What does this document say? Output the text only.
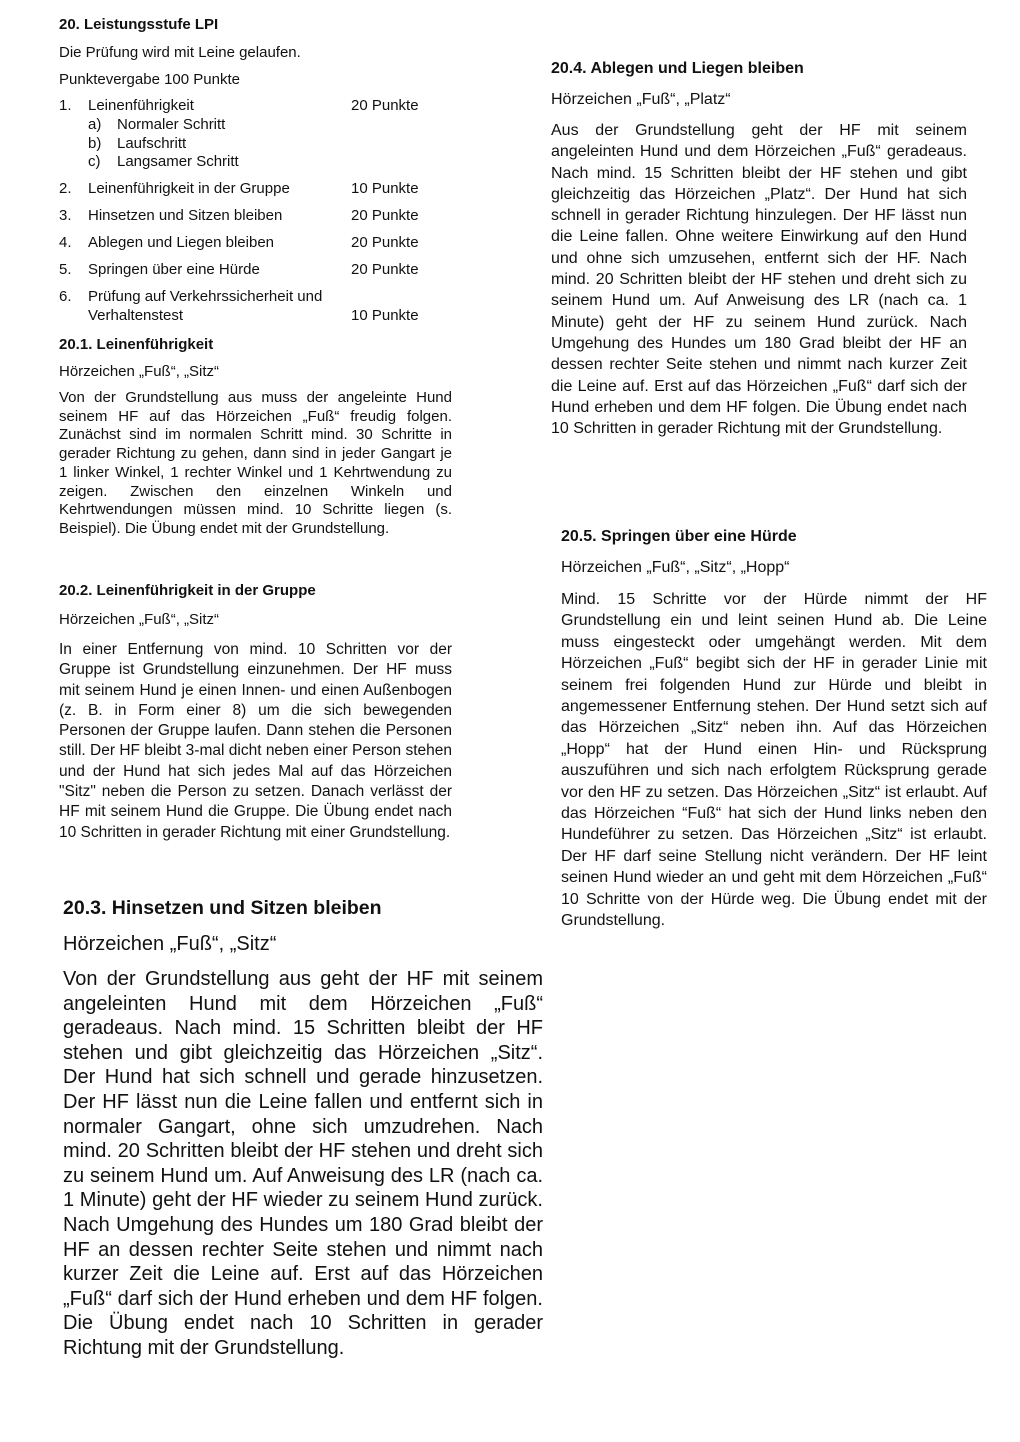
20. Leistungsstufe LPI

Die Prüfung wird mit Leine gelaufen.

Punktevergabe 100 Punkte

1. Leinenführigkeit	20 Punkte
a) Normaler Schritt
b) Laufschritt
c) Langsamer Schritt
2. Leinenführigkeit in der Gruppe	10 Punkte
3. Hinsetzen und Sitzen bleiben	20 Punkte
4. Ablegen und Liegen bleiben	20 Punkte
5. Springen über eine Hürde	20 Punkte
6. Prüfung auf Verkehrssicherheit und Verhaltenstest	10 Punkte
20.1. Leinenführigkeit
Hörzeichen „Fuß“, „Sitz“
Von der Grundstellung aus muss der angeleinte Hund seinem HF auf das Hörzeichen „Fuß“ freudig folgen. Zunächst sind im normalen Schritt mind. 30 Schritte in gerader Richtung zu gehen, dann sind in jeder Gangart je 1 linker Winkel, 1 rechter Winkel und 1 Kehrtwendung zu zeigen. Zwischen den einzelnen Winkeln und Kehrtwendungen müssen mind. 10 Schritte liegen (s. Beispiel). Die Übung endet mit der Grundstellung.
20.2. Leinenführigkeit in der Gruppe
Hörzeichen „Fuß“, „Sitz“
In einer Entfernung von mind. 10 Schritten vor der Gruppe ist Grundstellung einzunehmen. Der HF muss mit seinem Hund je einen Innen- und einen Außenbogen (z. B. in Form einer 8) um die sich bewegenden Personen der Gruppe laufen. Dann stehen die Personen still. Der HF bleibt 3-mal dicht neben einer Person stehen und der Hund hat sich jedes Mal auf das Hörzeichen "Sitz" neben die Person zu setzen. Danach verlässt der HF mit seinem Hund die Gruppe. Die Übung endet nach 10 Schritten in gerader Richtung mit einer Grundstellung.
20.3. Hinsetzen und Sitzen bleiben
Hörzeichen „Fuß“, „Sitz“
Von der Grundstellung aus geht der HF mit seinem angeleinten Hund mit dem Hörzeichen „Fuß“ geradeaus. Nach mind. 15 Schritten bleibt der HF stehen und gibt gleichzeitig das Hörzeichen „Sitz“. Der Hund hat sich schnell und gerade hinzusetzen. Der HF lässt nun die Leine fallen und entfernt sich in normaler Gangart, ohne sich umzudrehen. Nach mind. 20 Schritten bleibt der HF stehen und dreht sich zu seinem Hund um. Auf Anweisung des LR (nach ca. 1 Minute) geht der HF wieder zu seinem Hund zurück. Nach Umgehung des Hundes um 180 Grad bleibt der HF an dessen rechter Seite stehen und nimmt nach kurzer Zeit die Leine auf. Erst auf das Hörzeichen „Fuß“ darf sich der Hund erheben und dem HF folgen. Die Übung endet nach 10 Schritten in gerader Richtung mit der Grundstellung.
20.4. Ablegen und Liegen bleiben
Hörzeichen „Fuß“, „Platz“
Aus der Grundstellung geht der HF mit seinem angeleinten Hund und dem Hörzeichen „Fuß“ geradeaus. Nach mind. 15 Schritten bleibt der HF stehen und gibt gleichzeitig das Hörzeichen „Platz“. Der Hund hat sich schnell in gerader Richtung hinzulegen. Der HF lässt nun die Leine fallen. Ohne weitere Einwirkung auf den Hund und ohne sich umzusehen, entfernt sich der HF. Nach mind. 20 Schritten bleibt der HF stehen und dreht sich zu seinem Hund um. Auf Anweisung des LR (nach ca. 1 Minute) geht der HF zu seinem Hund zurück. Nach Umgehung des Hundes um 180 Grad bleibt der HF an dessen rechter Seite stehen und nimmt nach kurzer Zeit die Leine auf. Erst auf das Hörzeichen „Fuß“ darf sich der Hund erheben und dem HF folgen. Die Übung endet nach 10 Schritten in gerader Richtung mit der Grundstellung.
20.5. Springen über eine Hürde
Hörzeichen „Fuß“, „Sitz“, „Hopp“
Mind. 15 Schritte vor der Hürde nimmt der HF Grundstellung ein und leint seinen Hund ab. Die Leine muss eingesteckt oder umgehängt werden. Mit dem Hörzeichen „Fuß“ begibt sich der HF in gerader Linie mit seinem frei folgenden Hund zur Hürde und bleibt in angemessener Entfernung stehen. Der Hund setzt sich auf das Hörzeichen „Sitz“ neben ihn. Auf das Hörzeichen „Hopp“ hat der Hund einen Hin- und Rücksprung auszuführen und sich nach erfolgtem Rücksprung gerade vor den HF zu setzen. Das Hörzeichen „Sitz“ ist erlaubt. Auf das Hörzeichen “Fuß“ hat sich der Hund links neben den Hundeführer zu setzen. Das Hörzeichen „Sitz“ ist erlaubt. Der HF darf seine Stellung nicht verändern. Der HF leint seinen Hund wieder an und geht mit dem Hörzeichen „Fuß“ 10 Schritte von der Hürde weg. Die Übung endet mit der Grundstellung.
